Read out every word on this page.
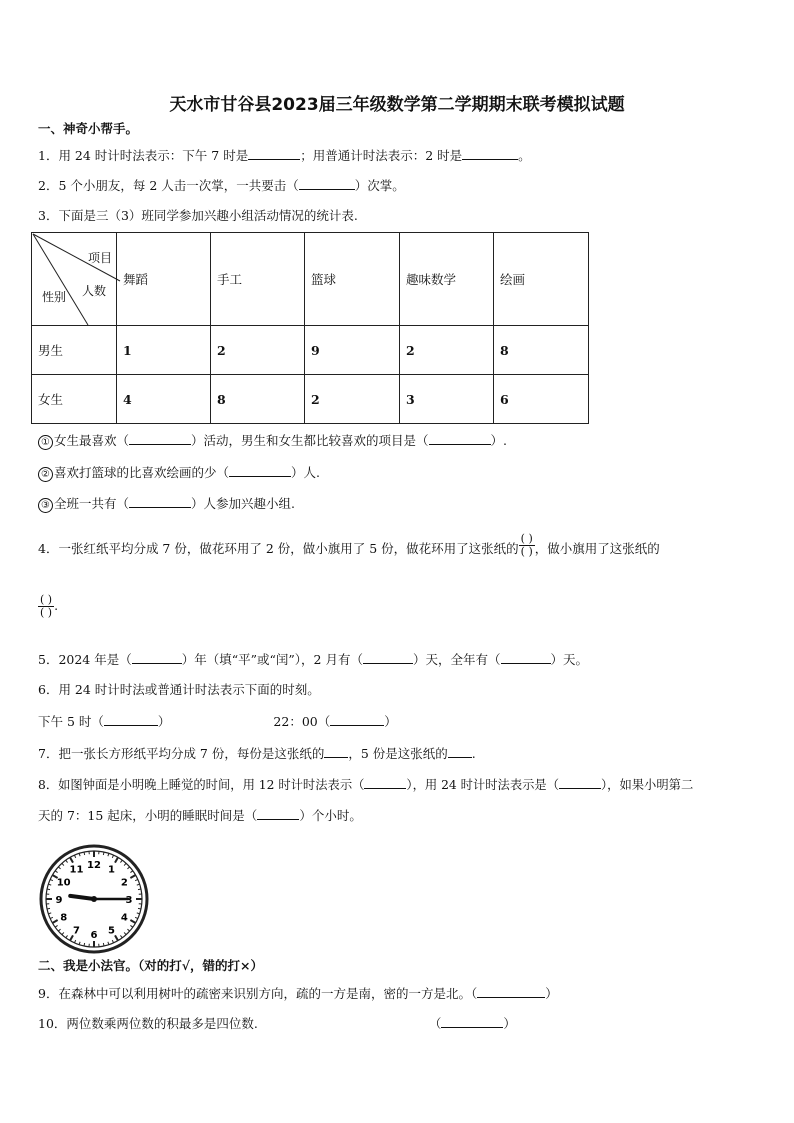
天水市甘谷县2023届三年级数学第二学期期末联考模拟试题
一、神奇小帮手。
1．用 24 时计时法表示：下午 7 时是	；用普通计时法表示：2 时是	。
2．5 个小朋友，每 2 人击一次掌，一共要击（	）次掌。
3．下面是三（3）班同学参加兴趣小组活动情况的统计表.
项目
人数
性别	舞蹈	手工	篮球	趣味数学	绘画
男生	1	2	9	2	8
女生	4	8	2	3	6
① 女生最喜欢（	）活动，男生和女生都比较喜欢的项目是（	）.
② 喜欢打篮球的比喜欢绘画的少（	）人.
③ 全班一共有（	）人参加兴趣小组.
4．一张红纸平均分成 7 份，做花环用了 2 份，做小旗用了 5 份，做花环用了这张纸的 $\frac{( )}{( )}$ ，做小旗用了这张纸的
$\frac{( )}{( )}$ .
5．2024 年是（	）年（填“平”或“闰”），2 月有（	）天，全年有（	）天。
6．用 24 时计时法或普通计时法表示下面的时刻。
下午 5 时（	）	22：00（	）
7．把一张长方形纸平均分成 7 份，每份是这张纸的 ，5 份是这张纸的 .
8．如图钟面是小明晚上睡觉的时间，用 12 时计时法表示（	），用 24 时计时法表示是（	），如果小明第二
天的 7：15 起床，小明的睡眠时间是（	）个小时。
12 1
2
3
4
5
6
7
8
9
10
11
二、我是小法官。（对的打√，错的打×）
9．在森林中可以利用树叶的疏密来识别方向，疏的一方是南，密的一方是北。（	）
10．两位数乘两位数的积最多是四位数.	（	）
